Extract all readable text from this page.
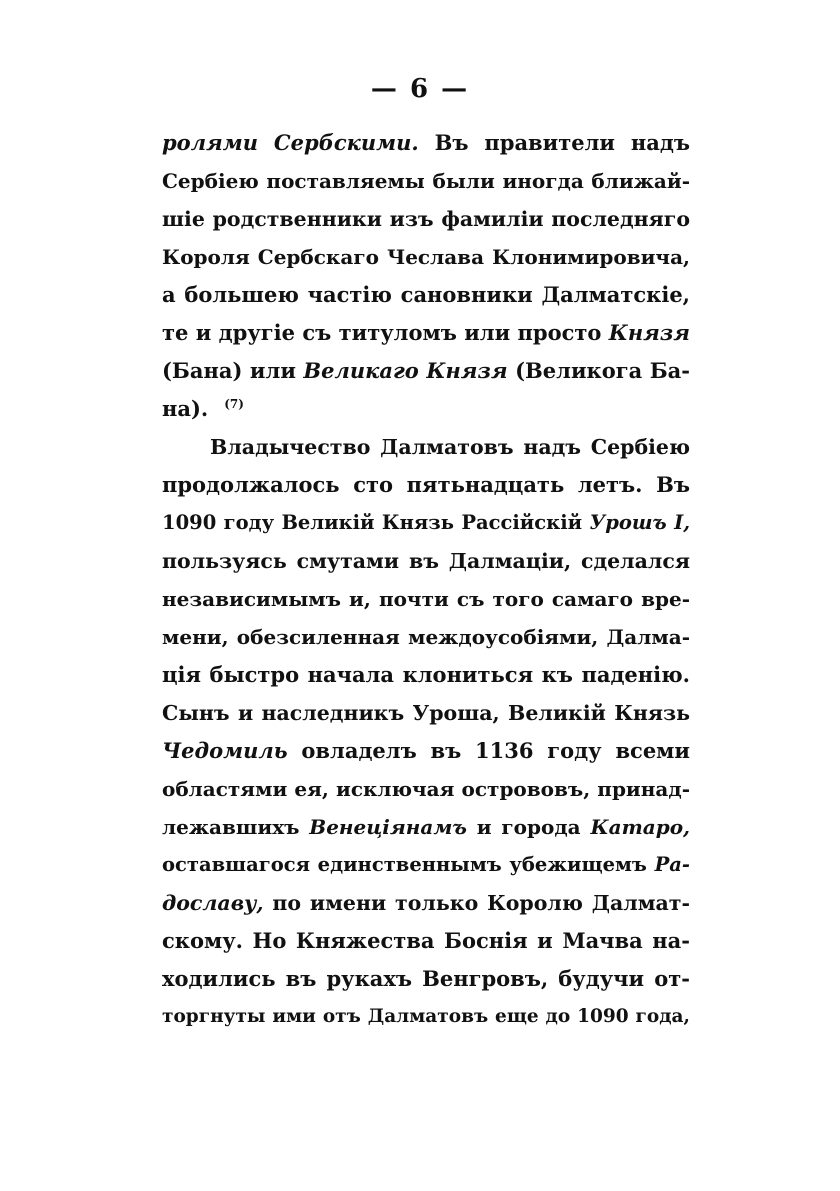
— 6 —
ролями Сербскими. Въ правители надъ
Сербіею поставляемы были иногда ближай-
шіе родственники изъ фамиліи последняго
Короля Сербскаго Чеслава Клонимировича,
а большею частію сановники Далматскіе,
те и другіе съ титуломъ или просто Князя
(Бана) или Великаго Князя (Великога Ба-
на). $^{(7)}$
Владычество Далматовъ надъ Сербіею
продолжалось сто пятьнадцать летъ. Въ
1090 году Великій Князь Рассійскій Урошъ I,
пользуясь смутами въ Далмаціи, сделался
независимымъ и, почти съ того самаго вре-
мени, обезсиленная междоусобіями, Далма-
ція быстро начала клониться къ паденію.
Сынъ и наследникъ Уроша, Великій Князь
Чедомиль овладелъ въ 1136 году всеми
областями ея, исключая острововъ, принад-
лежавшихъ Венеціянамъ и города Катаро,
оставшагося единственнымъ убежищемъ Ра-
дославу, по имени только Королю Далмат-
скому. Но Княжества Боснія и Мачва на-
ходились въ рукахъ Венгровъ, будучи от-
торгнуты ими отъ Далматовъ еще до 1090 года,
